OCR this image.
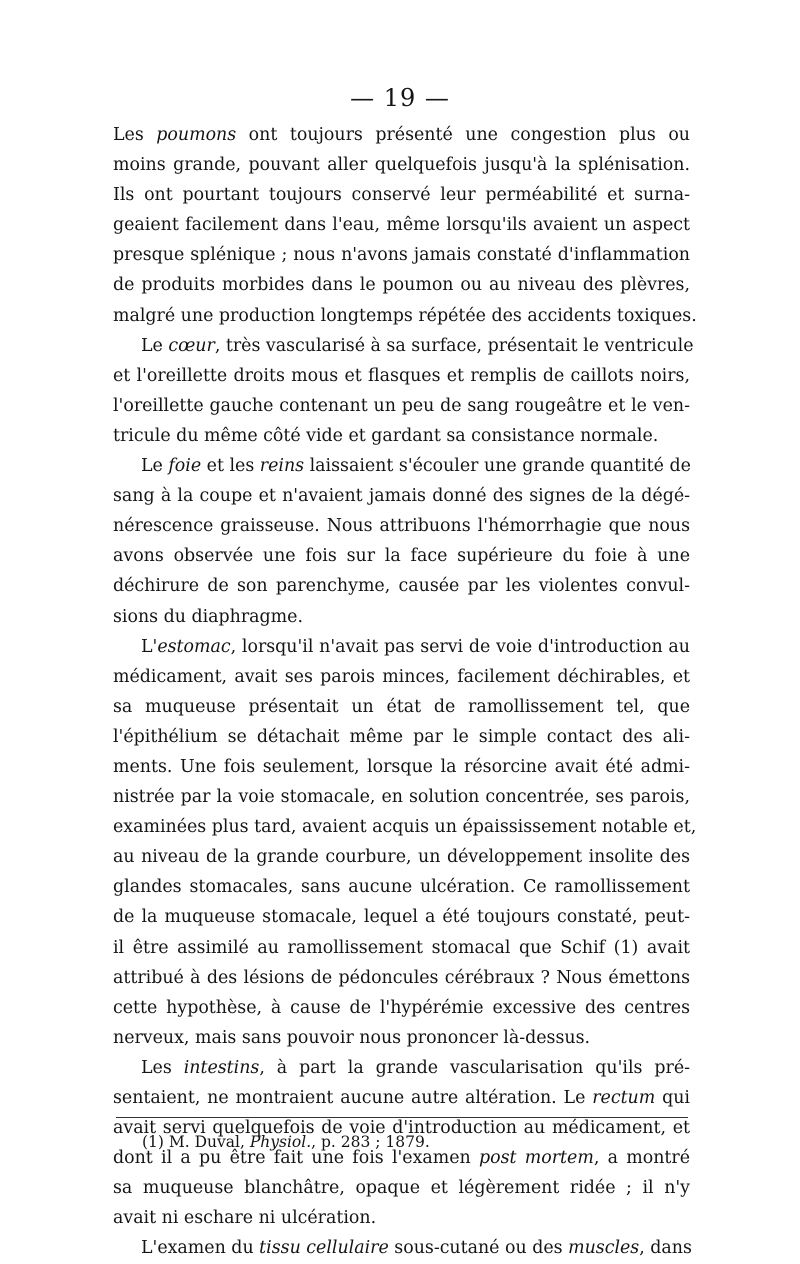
— 19 —
Les poumons ont toujours présenté une congestion plus ou
moins grande, pouvant aller quelquefois jusqu'à la splénisation.
Ils ont pourtant toujours conservé leur perméabilité et surna-
geaient facilement dans l'eau, même lorsqu'ils avaient un aspect
presque splénique ; nous n'avons jamais constaté d'inflammation
de produits morbides dans le poumon ou au niveau des plèvres,
malgré une production longtemps répétée des accidents toxiques.
Le cœur, très vascularisé à sa surface, présentait le ventricule
et l'oreillette droits mous et flasques et remplis de caillots noirs,
l'oreillette gauche contenant un peu de sang rougeâtre et le ven-
tricule du même côté vide et gardant sa consistance normale.
Le foie et les reins laissaient s'écouler une grande quantité de
sang à la coupe et n'avaient jamais donné des signes de la dégé-
nérescence graisseuse. Nous attribuons l'hémorrhagie que nous
avons observée une fois sur la face supérieure du foie à une
déchirure de son parenchyme, causée par les violentes convul-
sions du diaphragme.
L'estomac, lorsqu'il n'avait pas servi de voie d'introduction au
médicament, avait ses parois minces, facilement déchirables, et
sa muqueuse présentait un état de ramollissement tel, que
l'épithélium se détachait même par le simple contact des ali-
ments. Une fois seulement, lorsque la résorcine avait été admi-
nistrée par la voie stomacale, en solution concentrée, ses parois,
examinées plus tard, avaient acquis un épaississement notable et,
au niveau de la grande courbure, un développement insolite des
glandes stomacales, sans aucune ulcération. Ce ramollissement
de la muqueuse stomacale, lequel a été toujours constaté, peut-
il être assimilé au ramollissement stomacal que Schif (1) avait
attribué à des lésions de pédoncules cérébraux ? Nous émettons
cette hypothèse, à cause de l'hypérémie excessive des centres
nerveux, mais sans pouvoir nous prononcer là-dessus.
Les intestins, à part la grande vascularisation qu'ils pré-
sentaient, ne montraient aucune autre altération. Le rectum qui
avait servi quelquefois de voie d'introduction au médicament, et
dont il a pu être fait une fois l'examen post mortem, a montré
sa muqueuse blanchâtre, opaque et légèrement ridée ; il n'y
avait ni eschare ni ulcération.
L'examen du tissu cellulaire sous-cutané ou des muscles, dans
(1) M. Duval, Physiol., p. 283 ; 1879.
